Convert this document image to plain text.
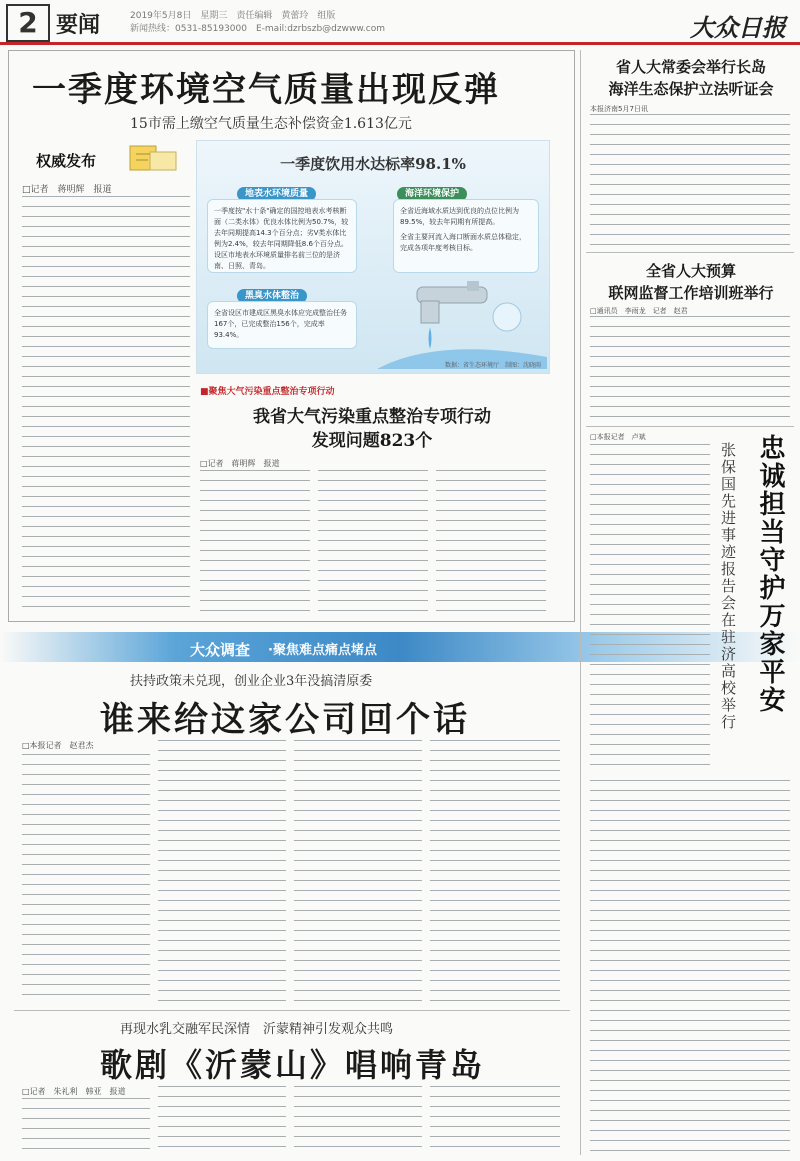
2 要闻	2019年5月8日　星期三　责任编辑　黄蕾玲　组版
新闻热线：0531-85193000　E-mail:dzrbszb@dzwww.com	大众日报
一季度环境空气质量出现反弹
15市需上缴空气质量生态补偿资金1.613亿元
权威发布
□记者　蒋明辉　报道
一季度饮用水达标率98.1%
地表水环境质量
一季度按"水十条"确定的国控地表水考核断面（二类水体）优良水体比例为50.7%，较去年同期提高14.3个百分点；劣Ⅴ类水体比例为2.4%，较去年同期降低8.6个百分点。设区市地表水环境质量排名前三位的是济南、日照、青岛。
海洋环境保护
全省近海域水质达到优良的点位比例为89.5%，较去年同期有所提高。
全省主要河流入海口断面水质总体稳定，完成各项年度考核目标。
黑臭水体整治
全省设区市建成区黑臭水体应完成整治任务167个，已完成整治156个，完成率93.4%。
数据：省生态环境厅　制图：沈晓雨
■聚焦大气污染重点整治专项行动
我省大气污染重点整治专项行动
发现问题823个
□记者　蒋明辉　报道
大众调查 ·聚焦难点痛点堵点
扶持政策未兑现，创业企业3年没搞清原委
谁来给这家公司回个话
□本报记者　赵君杰
再现水乳交融军民深情　沂蒙精神引发观众共鸣
歌剧《沂蒙山》唱响青岛
□记者　朱礼利　韩亚　报道
省人大常委会举行长岛
海洋生态保护立法听证会
本报济南5月7日讯
全省人大预算
联网监督工作培训班举行
□通讯员　李雨龙　记者　赵君
□本报记者　卢斌	忠诚担当守护万家平安
张保国先进事迹报告会在驻济高校举行
